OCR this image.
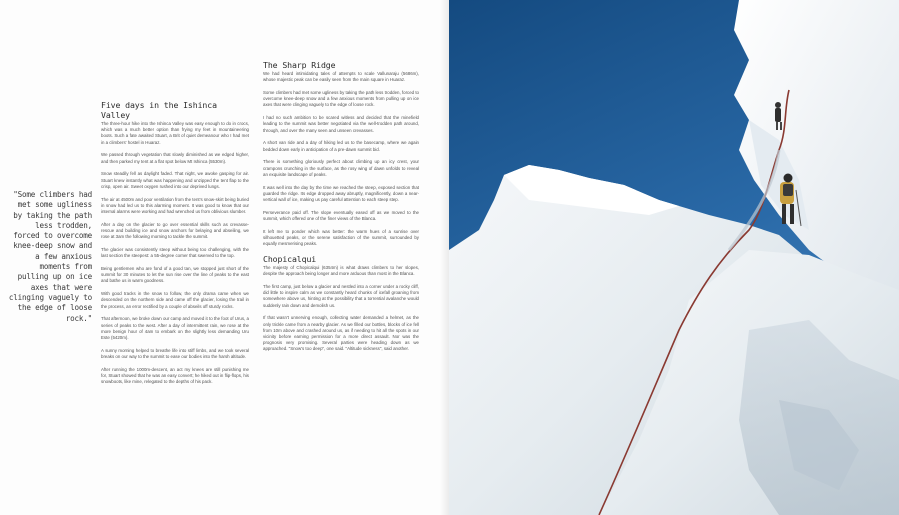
"Some climbers had met some ugliness by taking the path less trodden, forced to overcome knee-deep snow and a few anxious moments from pulling up on ice axes that were clinging vaguely to the edge of loose rock."
Five days in the Ishinca Valley

The three-hour hike into the Ishinca Valley was easy enough to do in crocs, which was a much better option than frying my feet in mountaineering boots. Such a fate awaited Stuart, a Brit of quiet demeanour who I had met in a climbers' hostel in Huaraz.

We passed through vegetation that slowly diminished as we edged higher, and then parked my tent at a flat spot below Mt Ishinca (5530m).

Snow steadily fell as daylight faded. That night, we awoke gasping for air. Stuart knew instantly what was happening and unzipped the tent flap to the crisp, open air. Sweet oxygen rushed into our deprived lungs.

The air at 4500m and poor ventilation from the tent's snow-skirt being buried in snow had led us to this alarming moment. It was good to know that our internal alarms were working and had wrenched us from oblivious slumber.

After a day on the glacier to go over essential skills such as crevasse-rescue and building ice and snow anchors for belaying and abseiling, we rose at 3am the following morning to tackle the summit.

The glacier was consistently steep without being too challenging, with the last section the steepest: a 55-degree corner that swerved to the top.

Being gentlemen who are fond of a good tan, we stopped just short of the summit for 30 minutes to let the sun rise over the line of peaks to the east and bathe us in warm goodness.

With good tracks in the snow to follow, the only drama came when we descended on the northern side and came off the glacier, losing the trail in the process, an error rectified by a couple of abseils off sturdy rocks.

That afternoon, we broke down our camp and moved it to the foot of Urus, a series of peaks to the west. After a day of intermittent rain, we rose at the more benign hour of 4am to embark on the slightly less demanding Uru Este (5420m).

A sunny morning helped to breathe life into stiff limbs, and we took several breaks on our way to the summit to ease our bodies into the harsh altitude.

After running the 1000m-descent, an act my knees are still punishing me for, Stuart showed that he was an easy convert; he hiked out in flip-flops, his snowboots, like mine, relegated to the depths of his pack.

The Sharp Ridge

We had heard intimidating tales of attempts to scale Vallunaraju (5686m), whose majestic peak can be easily seen from the main square in Huaraz.

Some climbers had met some ugliness by taking the path less trodden, forced to overcome knee-deep snow and a few anxious moments from pulling up on ice axes that were clinging vaguely to the edge of loose rock.

I had no such ambition to be scared witless and decided that the minefield leading to the summit was better negotiated via the well-trodden path around, through, and over the many seen and unseen crevasses.

A short van ride and a day of hiking led us to the basecamp, where we again bedded down early in anticipation of a pre-dawn summit bid.

There is something gloriously perfect about climbing up an icy crest, your crampons crunching in the surface, as the rosy wing of dawn unfolds to reveal an exquisite landscape of peaks.

It was well into the day by the time we reached the steep, exposed section that guarded the ridge. Its edge dropped away abruptly, magnificently, down a near-vertical wall of ice, making us pay careful attention to each steep step.

Perseverance paid off. The slope eventually eased off as we moved to the summit, which offered one of the finer views of the Blanca.

It left me to ponder which was better: the warm hues of a sunrise over silhouetted peaks, or the serene satisfaction of the summit, surrounded by equally mesmerising peaks.

Chopicalqui

The majesty of Chopicalqui (6354m) is what draws climbers to her slopes, despite the approach being longer and more arduous than most in the Blanca.

The first camp, just below a glacier and nestled into a corner under a rocky cliff, did little to inspire calm as we constantly heard chunks of icefall groaning from somewhere above us, hinting at the possibility that a torrential avalanche would suddenly rain down and demolish us.

If that wasn't unnerving enough, collecting water demanded a helmet, as the only trickle came from a nearby glacier. As we filled our bottles, blocks of ice fell from 10m above and crashed around us, as if needing to hit all the spots in our vicinity before earning permission for a more direct assault. Nor was the prognosis very promising. Several parties were heading down as we approached. "Snow's too deep", one said. "Altitude sickness", said another.
